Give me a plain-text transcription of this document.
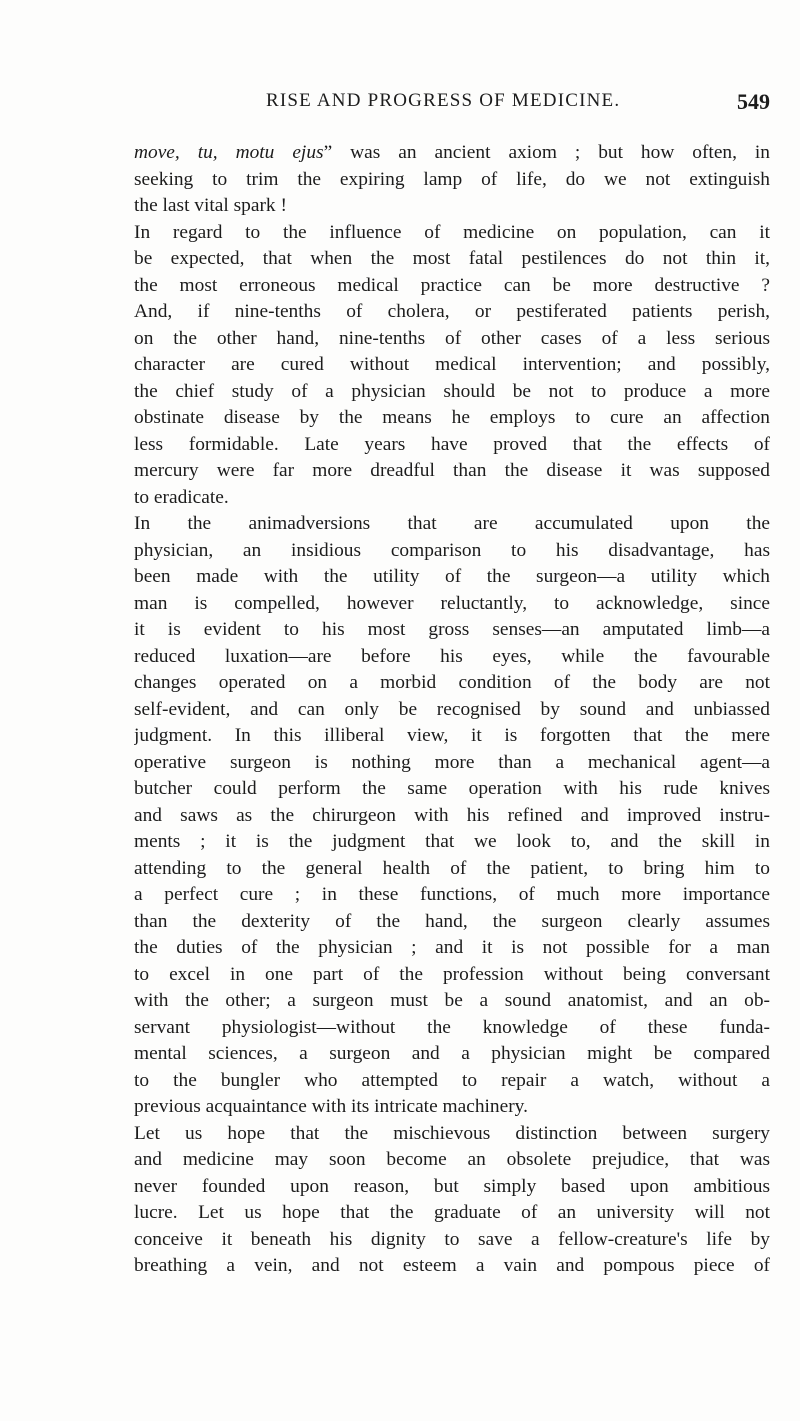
RISE AND PROGRESS OF MEDICINE.	549
move, tu, motu ejus” was an ancient axiom ; but how often, in
seeking to trim the expiring lamp of life, do we not extinguish
the last vital spark !
In regard to the influence of medicine on population, can it
be expected, that when the most fatal pestilences do not thin it,
the most erroneous medical practice can be more destructive ?
And, if nine-tenths of cholera, or pestiferated patients perish,
on the other hand, nine-tenths of other cases of a less serious
character are cured without medical intervention; and possibly,
the chief study of a physician should be not to produce a more
obstinate disease by the means he employs to cure an affection
less formidable. Late years have proved that the effects of
mercury were far more dreadful than the disease it was supposed
to eradicate.
In the animadversions that are accumulated upon the
physician, an insidious comparison to his disadvantage, has
been made with the utility of the surgeon—a utility which
man is compelled, however reluctantly, to acknowledge, since
it is evident to his most gross senses—an amputated limb—a
reduced luxation—are before his eyes, while the favourable
changes operated on a morbid condition of the body are not
self-evident, and can only be recognised by sound and unbiassed
judgment. In this illiberal view, it is forgotten that the mere
operative surgeon is nothing more than a mechanical agent—a
butcher could perform the same operation with his rude knives
and saws as the chirurgeon with his refined and improved instru-
ments ; it is the judgment that we look to, and the skill in
attending to the general health of the patient, to bring him to
a perfect cure ; in these functions, of much more importance
than the dexterity of the hand, the surgeon clearly assumes
the duties of the physician ; and it is not possible for a man
to excel in one part of the profession without being conversant
with the other; a surgeon must be a sound anatomist, and an ob-
servant physiologist—without the knowledge of these funda-
mental sciences, a surgeon and a physician might be compared
to the bungler who attempted to repair a watch, without a
previous acquaintance with its intricate machinery.
Let us hope that the mischievous distinction between surgery
and medicine may soon become an obsolete prejudice, that was
never founded upon reason, but simply based upon ambitious
lucre. Let us hope that the graduate of an university will not
conceive it beneath his dignity to save a fellow-creature's life by
breathing a vein, and not esteem a vain and pompous piece of
